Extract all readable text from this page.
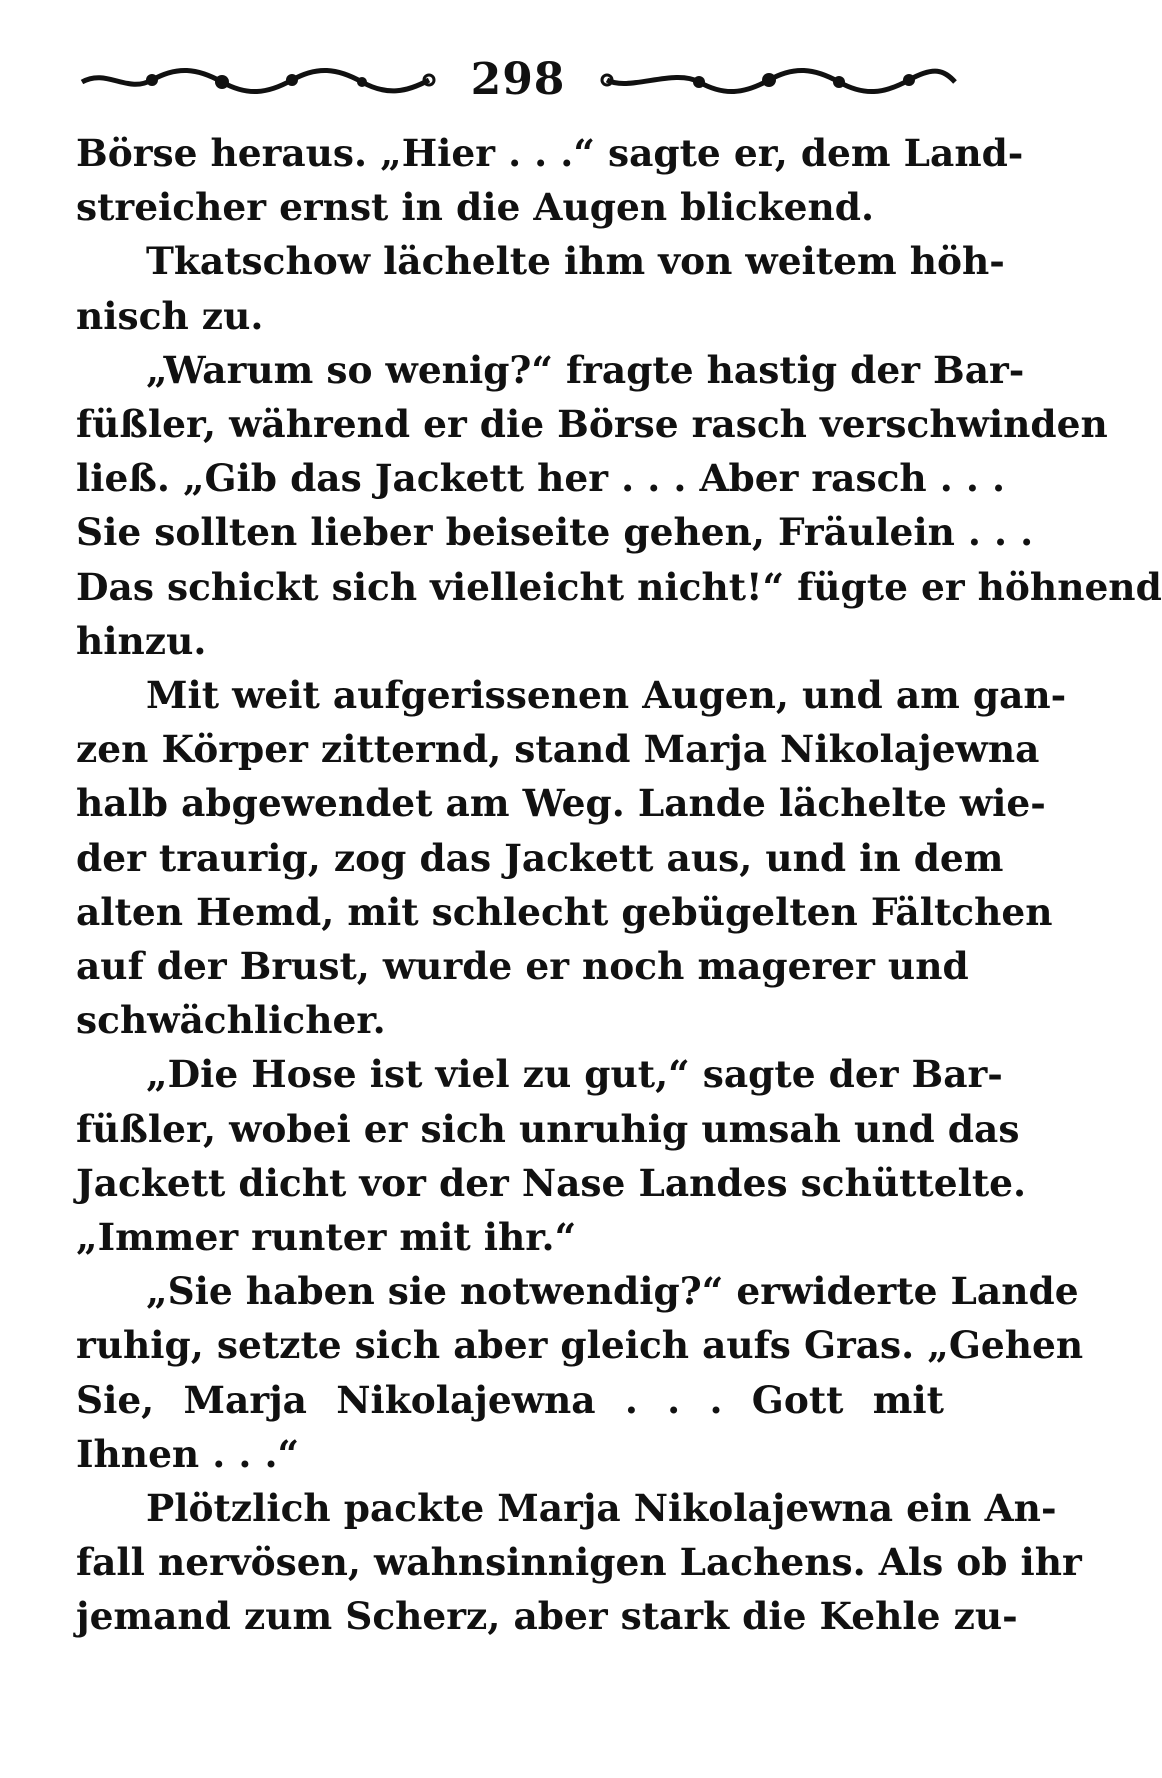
298

Börse heraus. „Hier . . .“ sagte er, dem Land-
streicher ernst in die Augen blickend.

Tkatschow lächelte ihm von weitem höh-
nisch zu.

„Warum so wenig?“ fragte hastig der Bar-
füßler, während er die Börse rasch verschwinden
ließ. „Gib das Jackett her . . . Aber rasch . . .
Sie sollten lieber beiseite gehen, Fräulein . . .
Das schickt sich vielleicht nicht!“ fügte er höhnend
hinzu.

Mit weit aufgerissenen Augen, und am gan-
zen Körper zitternd, stand Marja Nikolajewna
halb abgewendet am Weg. Lande lächelte wie-
der traurig, zog das Jackett aus, und in dem
alten Hemd, mit schlecht gebügelten Fältchen
auf der Brust, wurde er noch magerer und
schwächlicher.

„Die Hose ist viel zu gut,“ sagte der Bar-
füßler, wobei er sich unruhig umsah und das
Jackett dicht vor der Nase Landes schüttelte.
„Immer runter mit ihr.“

„Sie haben sie notwendig?“ erwiderte Lande
ruhig, setzte sich aber gleich aufs Gras. „Gehen
Sie, Marja Nikolajewna . . . Gott mit
Ihnen . . .“

Plötzlich packte Marja Nikolajewna ein An-
fall nervösen, wahnsinnigen Lachens. Als ob ihr
jemand zum Scherz, aber stark die Kehle zu-
